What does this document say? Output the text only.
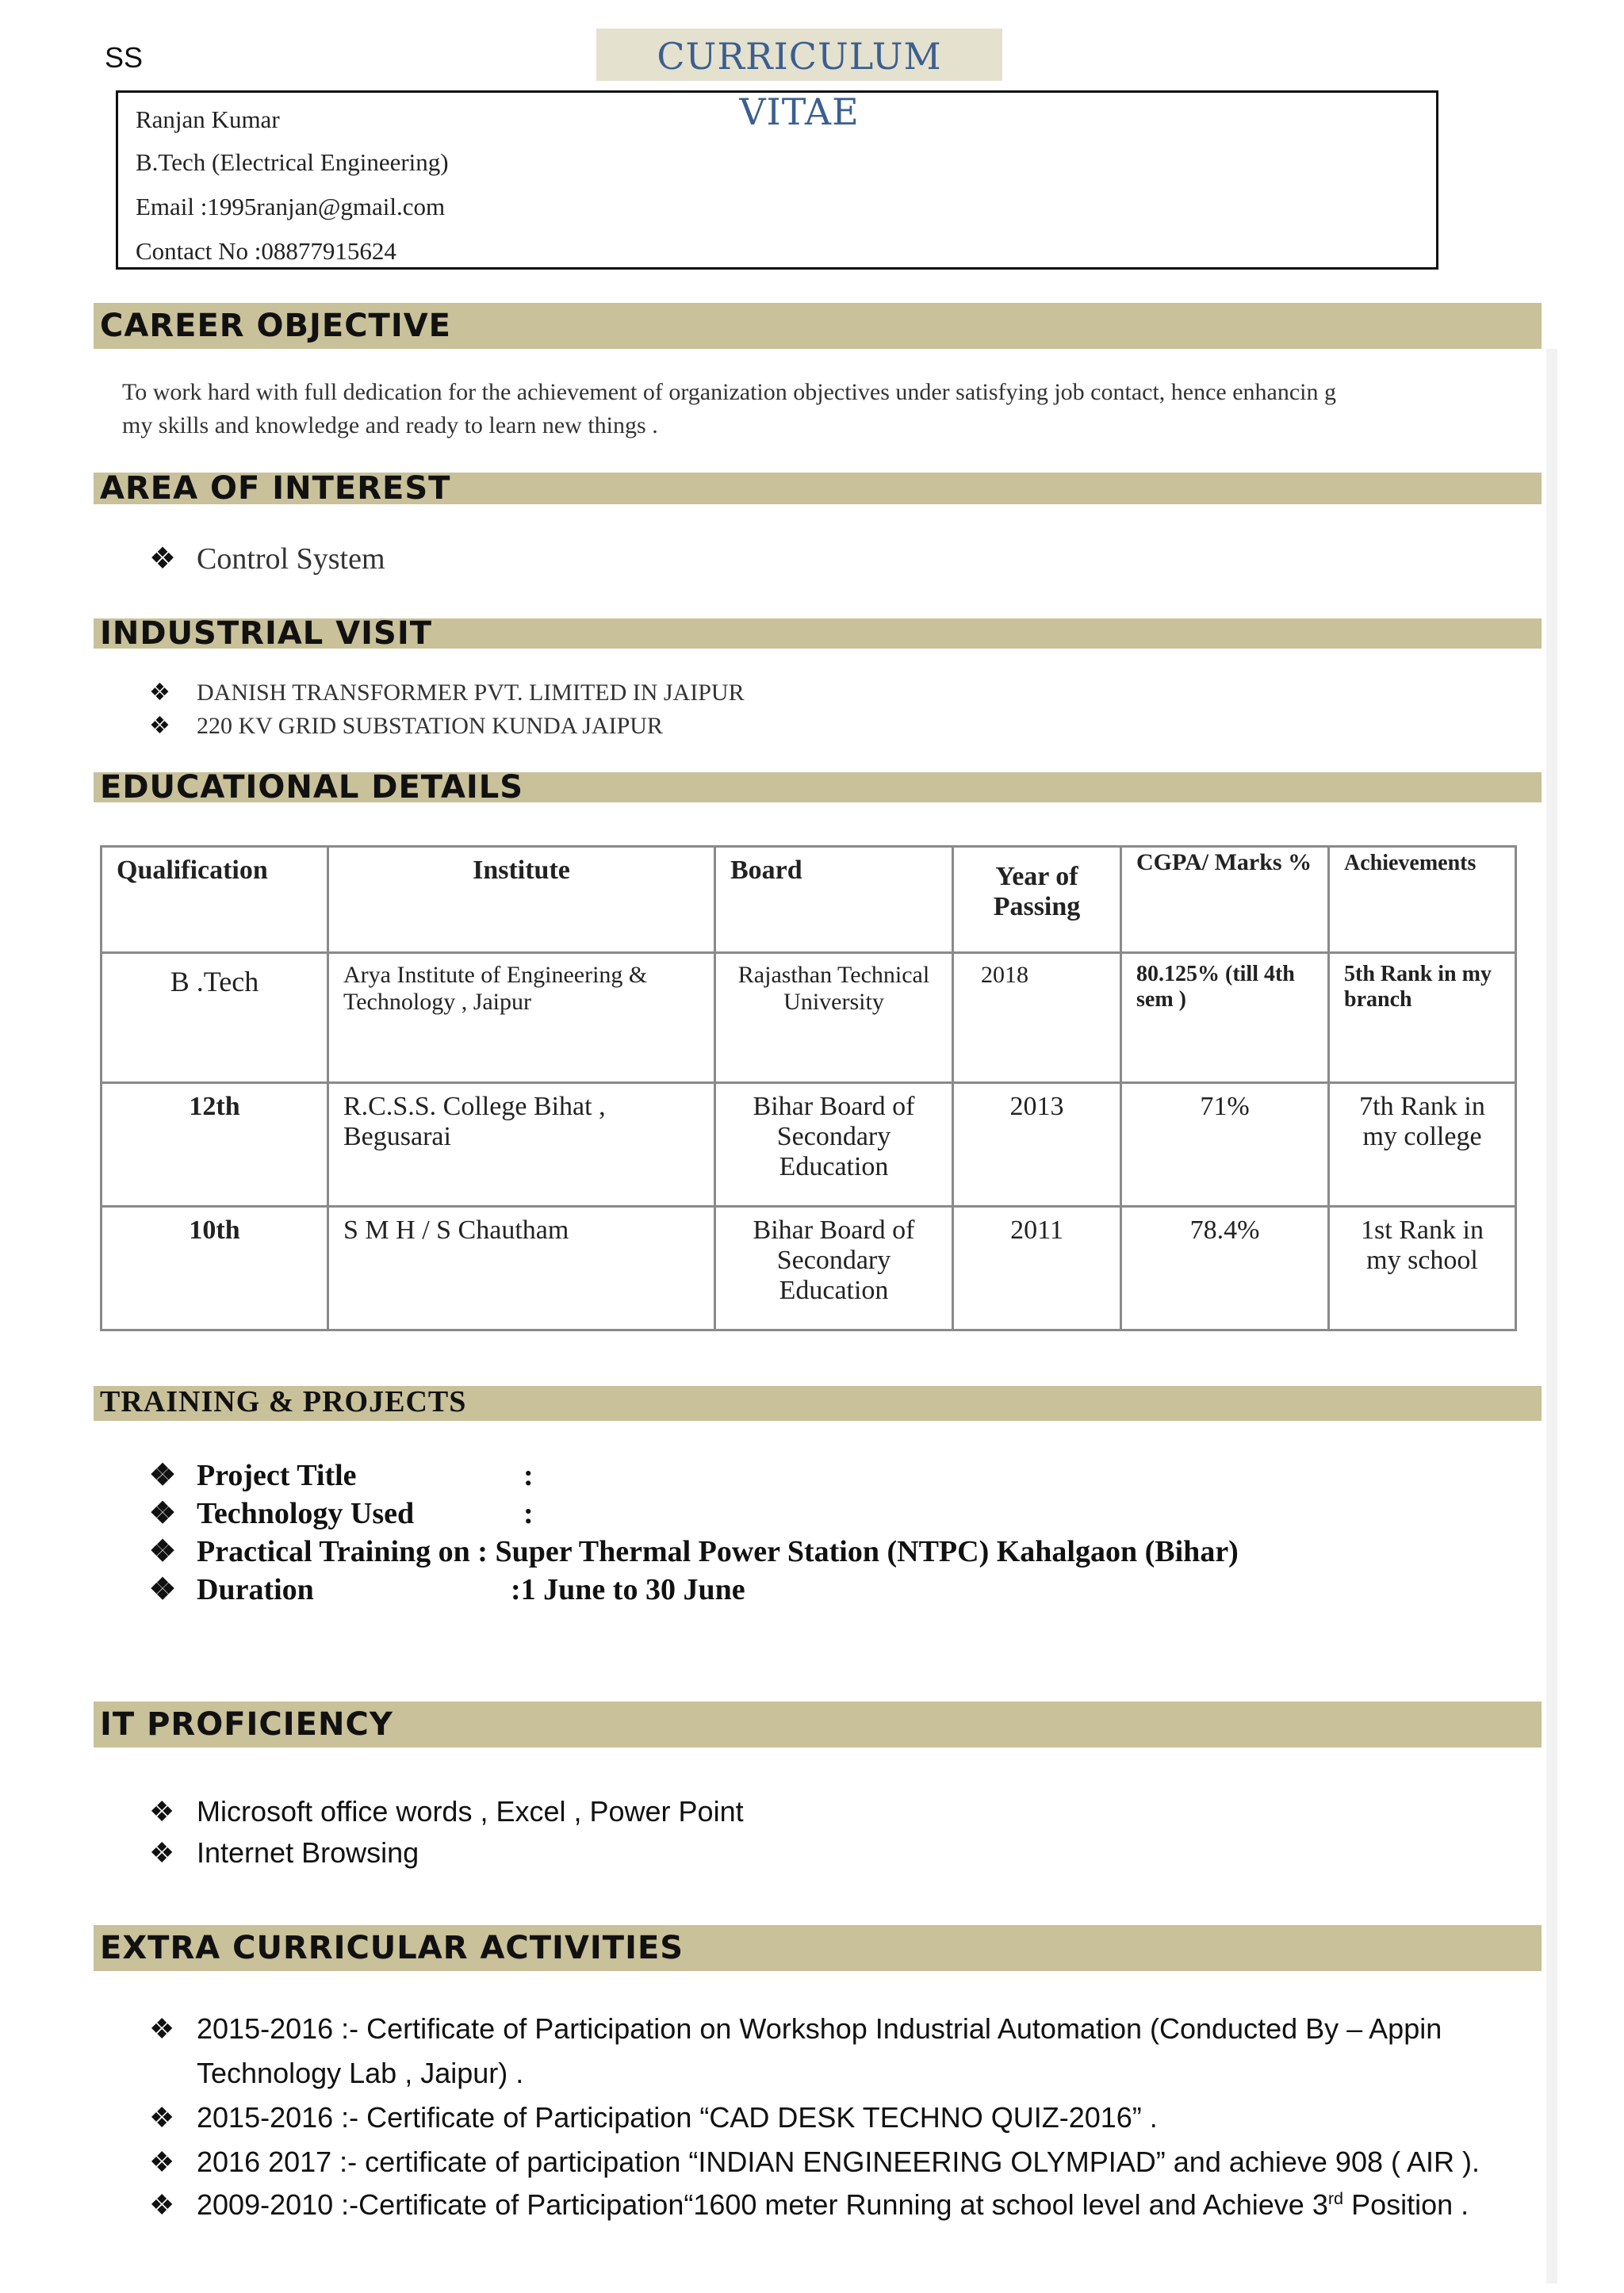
SS	CURRICULUM VITAE
Ranjan Kumar
B.Tech (Electrical Engineering)
Email :1995ranjan@gmail.com
Contact No :08877915624
CAREER OBJECTIVE
To work hard with full dedication for the achievement of organization objectives under satisfying job contact, hence enhancin g
my skills and knowledge and ready to learn new things .
AREA OF INTEREST
❖ Control System
INDUSTRIAL VISIT
❖ DANISH TRANSFORMER PVT. LIMITED IN JAIPUR
❖ 220 KV GRID SUBSTATION KUNDA JAIPUR
EDUCATIONAL DETAILS
Qualification	Institute	Board	Year of Passing	CGPA/ Marks %	Achievements
B .Tech	Arya Institute of Engineering & Technology , Jaipur	Rajasthan Technical University	2018	80.125% (till 4th sem )	5th Rank in my branch
12th	R.C.S.S. College Bihat , Begusarai	Bihar Board of Secondary Education	2013	71%	7th Rank in my college
10th	S M H / S Chautham	Bihar Board of Secondary Education	2011	78.4%	1st Rank in my school
TRAINING & PROJECTS
❖ Project Title	:
❖ Technology Used	:
❖ Practical Training on : Super Thermal Power Station (NTPC) Kahalgaon (Bihar)
❖ Duration	:1 June to 30 June
IT PROFICIENCY
❖ Microsoft office words , Excel , Power Point
❖ Internet Browsing
EXTRA CURRICULAR ACTIVITIES
❖ 2015-2016 :- Certificate of Participation on Workshop Industrial Automation (Conducted By – Appin
Technology Lab , Jaipur) .
❖ 2015-2016 :- Certificate of Participation “CAD DESK TECHNO QUIZ-2016” .
❖ 2016 2017 :- certificate of participation “INDIAN ENGINEERING OLYMPIAD” and achieve 908 ( AIR ).
❖ 2009-2010 :-Certificate of Participation“1600 meter Running at school level and Achieve 3rd Position .
